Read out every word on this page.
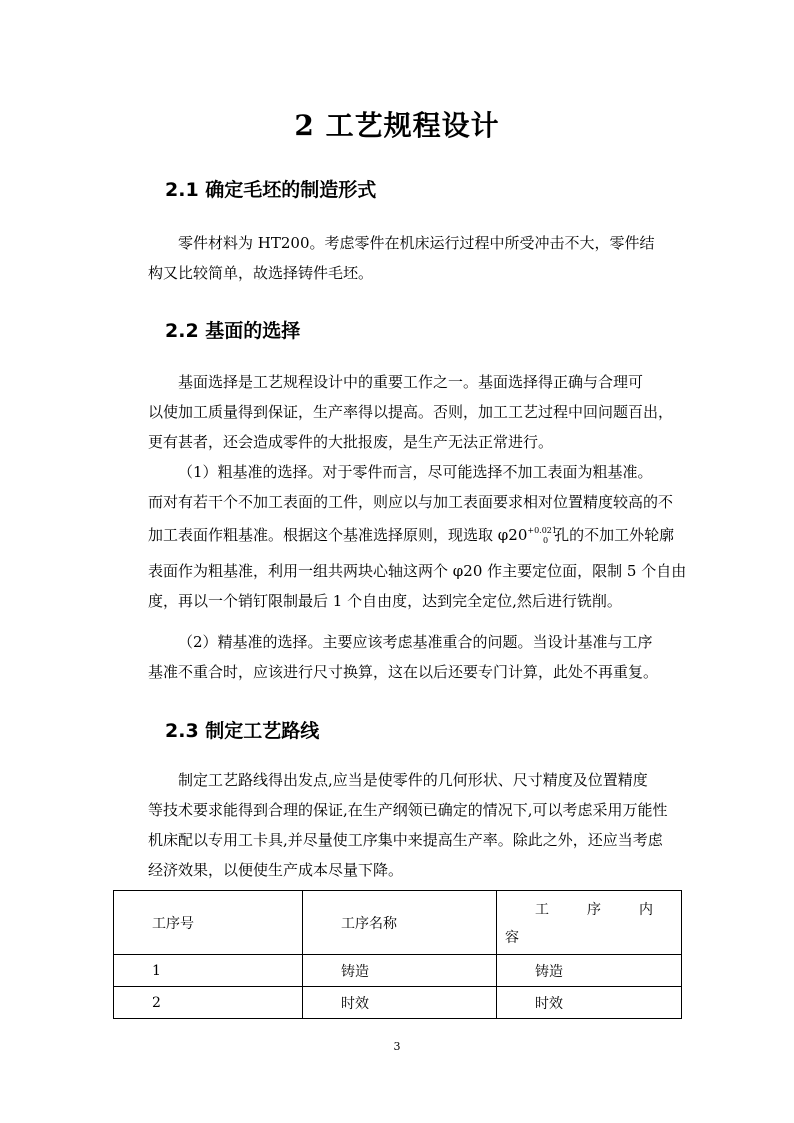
2 工艺规程设计
2.1 确定毛坯的制造形式
零件材料为 HT200。考虑零件在机床运行过程中所受冲击不大，零件结
构又比较简单，故选择铸件毛坯。
2.2 基面的选择
基面选择是工艺规程设计中的重要工作之一。基面选择得正确与合理可
以使加工质量得到保证，生产率得以提高。否则，加工工艺过程中回问题百出，
更有甚者，还会造成零件的大批报废，是生产无法正常进行。
（1）粗基准的选择。对于零件而言，尽可能选择不加工表面为粗基准。
而对有若干个不加工表面的工件，则应以与加工表面要求相对位置精度较高的不
加工表面作粗基准。根据这个基准选择原则，现选取 $\varphi 20^{+0.021}_0$ 孔的不加工外轮廓
表面作为粗基准，利用一组共两块心轴这两个 φ20 作主要定位面，限制 5 个自由
度，再以一个销钉限制最后 1 个自由度，达到完全定位,然后进行铣削。
（2）精基准的选择。主要应该考虑基准重合的问题。当设计基准与工序
基准不重合时，应该进行尺寸换算，这在以后还要专门计算，此处不再重复。
2.3 制定工艺路线
制定工艺路线得出发点,应当是使零件的几何形状、尺寸精度及位置精度
等技术要求能得到合理的保证,在生产纲领已确定的情况下,可以考虑采用万能性
机床配以专用工卡具,并尽量使工序集中来提高生产率。除此之外，还应当考虑
经济效果，以便使生产成本尽量下降。
工序号	工序名称	工 序 内
容

1	铸造	铸造
2	时效	时效
3
